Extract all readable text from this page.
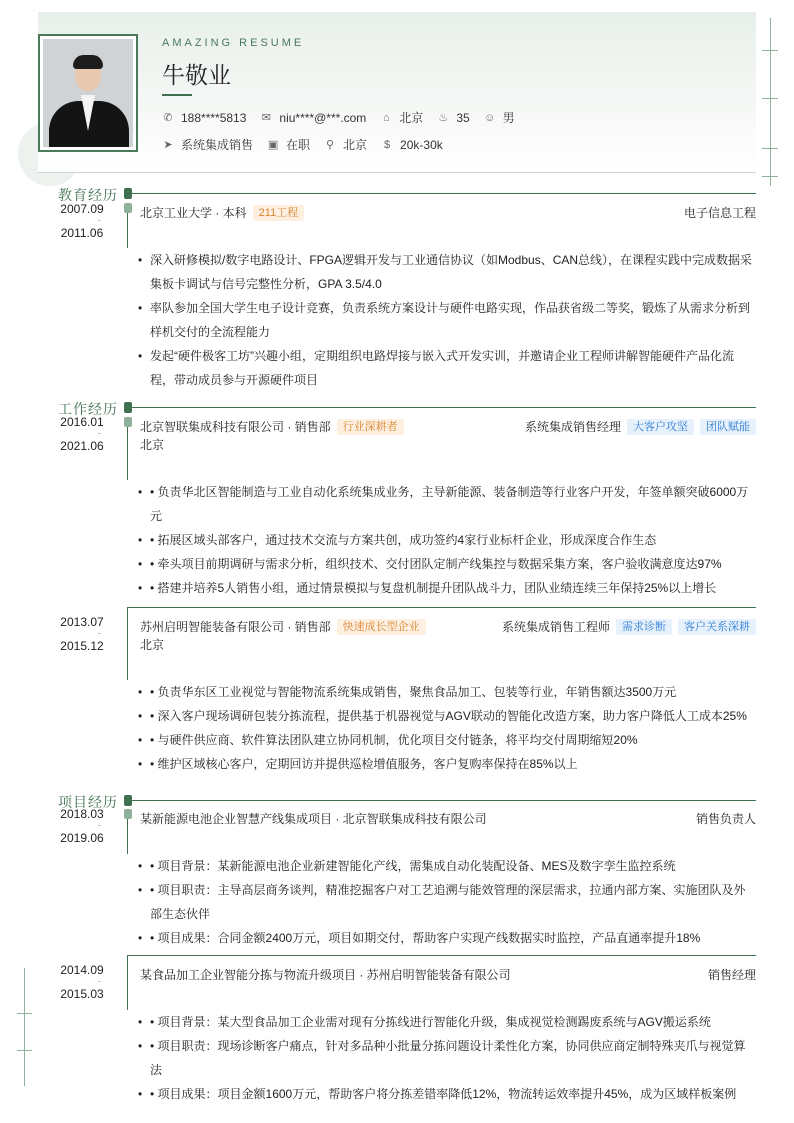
AMAZING RESUME
牛敬业
✆ 188****5813 ✉ niu****@***.com ⌂ 北京 ♨ 35 ☺ 男
➤ 系统集成销售 ▣ 在职 ⚲ 北京 $ 20k-30k
教育经历
2007.09
-
2011.06
北京工业大学 · 本科	211工程	电子信息工程
• 深入研修模拟/数字电路设计、FPGA逻辑开发与工业通信协议（如Modbus、CAN总线），在课程实践中完成数据采集板卡调试与信号完整性分析，GPA 3.5/4.0
• 率队参加全国大学生电子设计竞赛，负责系统方案设计与硬件电路实现，作品获省级二等奖，锻炼了从需求分析到样机交付的全流程能力
• 发起“硬件极客工坊”兴趣小组，定期组织电路焊接与嵌入式开发实训，并邀请企业工程师讲解智能硬件产品化流程，带动成员参与开源硬件项目
工作经历
2016.01
-
2021.06
北京智联集成科技有限公司 · 销售部	行业深耕者	系统集成销售经理	大客户攻坚	团队赋能
北京
• • 负责华北区智能制造与工业自动化系统集成业务，主导新能源、装备制造等行业客户开发，年签单额突破6000万元
• • 拓展区域头部客户，通过技术交流与方案共创，成功签约4家行业标杆企业，形成深度合作生态
• • 牵头项目前期调研与需求分析，组织技术、交付团队定制产线集控与数据采集方案，客户验收满意度达97%
• • 搭建并培养5人销售小组，通过情景模拟与复盘机制提升团队战斗力，团队业绩连续三年保持25%以上增长
2013.07
-
2015.12
苏州启明智能装备有限公司 · 销售部	快速成长型企业	系统集成销售工程师	需求诊断	客户关系深耕
北京
• • 负责华东区工业视觉与智能物流系统集成销售，聚焦食品加工、包装等行业，年销售额达3500万元
• • 深入客户现场调研包装分拣流程，提供基于机器视觉与AGV联动的智能化改造方案，助力客户降低人工成本25%
• • 与硬件供应商、软件算法团队建立协同机制，优化项目交付链条，将平均交付周期缩短20%
• • 维护区域核心客户，定期回访并提供巡检增值服务，客户复购率保持在85%以上
项目经历
2018.03
-
2019.06
某新能源电池企业智慧产线集成项目 · 北京智联集成科技有限公司	销售负责人
• • 项目背景：某新能源电池企业新建智能化产线，需集成自动化装配设备、MES及数字孪生监控系统
• • 项目职责：主导高层商务谈判，精准挖掘客户对工艺追溯与能效管理的深层需求，拉通内部方案、实施团队及外部生态伙伴
• • 项目成果：合同金额2400万元，项目如期交付，帮助客户实现产线数据实时监控，产品直通率提升18%
2014.09
-
2015.03
某食品加工企业智能分拣与物流升级项目 · 苏州启明智能装备有限公司	销售经理
• • 项目背景：某大型食品加工企业需对现有分拣线进行智能化升级，集成视觉检测踢废系统与AGV搬运系统
• • 项目职责：现场诊断客户痛点，针对多品种小批量分拣问题设计柔性化方案，协同供应商定制特殊夹爪与视觉算法
• • 项目成果：项目金额1600万元，帮助客户将分拣差错率降低12%，物流转运效率提升45%，成为区域样板案例
